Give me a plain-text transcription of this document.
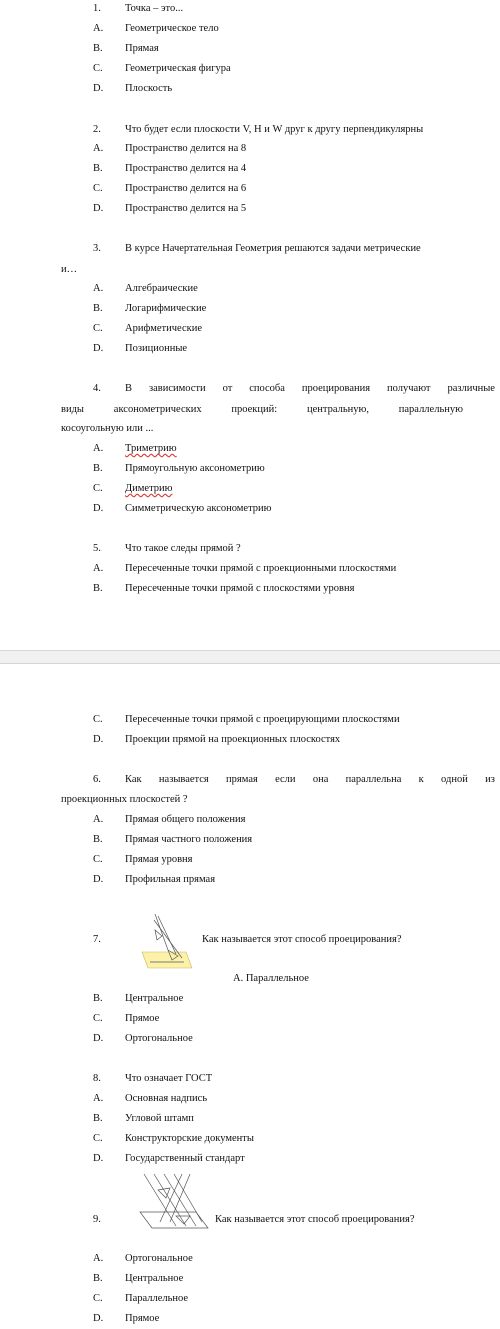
1. Точка – это...
A. Геометрическое тело
B. Прямая
C. Геометрическая фигура
D. Плоскость
2. Что будет если плоскости V, H и W друг к другу перпендикулярны
A. Пространство делится на 8
B. Пространство делится на 4
C. Пространство делится на 6
D. Пространство делится на 5
3. В курсе Начертательная Геометрия решаются задачи метрические
и…
A. Алгебраические
B. Логарифмические
C. Арифметические
D. Позиционные
4. В зависимости от способа проецирования получают различные
виды	аксонометрических	проекций:	центральную,	параллельную
косоугольную или ...
A. Триметрию
B. Прямоугольную аксонометрию
C. Диметрию
D. Симметрическую аксонометрию
5. Что такое следы прямой ?
A. Пересеченные точки прямой с проекционными плоскостями
B. Пересеченные точки прямой с плоскостями уровня
C. Пересеченные точки прямой с проецирующими плоскостями
D. Проекции прямой на проекционных плоскостях
6. Как называется прямая если она параллельна к одной из
проекционных плоскостей ?
A. Прямая общего положения
B. Прямая частного положения
C. Прямая уровня
D. Профильная прямая
7.	Как называется этот способ проецирования?
A. Параллельное
B. Центральное
C. Прямое
D. Ортогональное
8. Что означает ГОСТ
A. Основная надпись
B. Угловой штамп
C. Конструкторские документы
D. Государственный стандарт
9.	Как называется этот способ проецирования?
A. Ортогональное
B. Центральное
C. Параллельное
D. Прямое
